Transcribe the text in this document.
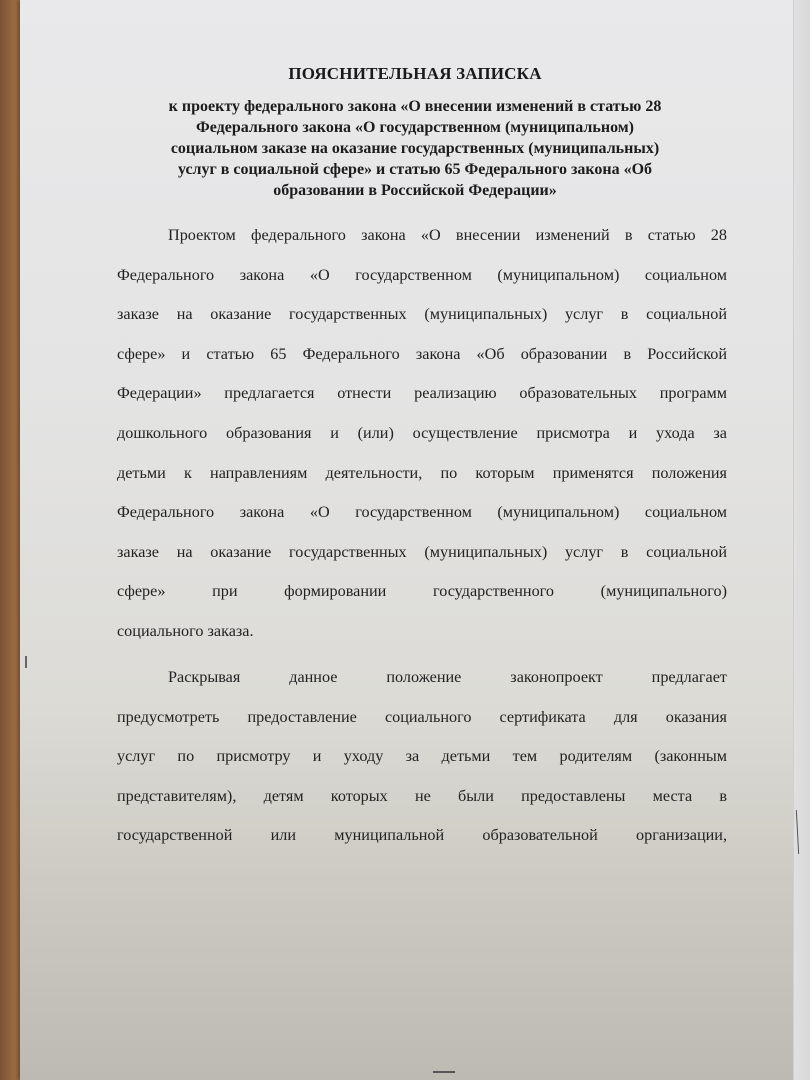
ПОЯСНИТЕЛЬНАЯ ЗАПИСКА
к проекту федерального закона «О внесении изменений в статью 28
Федерального закона «О государственном (муниципальном)
социальном заказе на оказание государственных (муниципальных)
услуг в социальной сфере» и статью 65 Федерального закона «Об
образовании в Российской Федерации»
Проектом федерального закона «О внесении изменений в статью 28
Федерального закона «О государственном (муниципальном) социальном
заказе на оказание государственных (муниципальных) услуг в социальной
сфере» и статью 65 Федерального закона «Об образовании в Российской
Федерации» предлагается отнести реализацию образовательных программ
дошкольного образования и (или) осуществление присмотра и ухода за
детьми к направлениям деятельности, по которым применятся положения
Федерального закона «О государственном (муниципальном) социальном
заказе на оказание государственных (муниципальных) услуг в социальной
сфере» при формировании государственного (муниципального)
социального заказа.
Раскрывая данное положение законопроект предлагает
предусмотреть предоставление социального сертификата для оказания
услуг по присмотру и уходу за детьми тем родителям (законным
представителям), детям которых не были предоставлены места в
государственной или муниципальной образовательной организации,
